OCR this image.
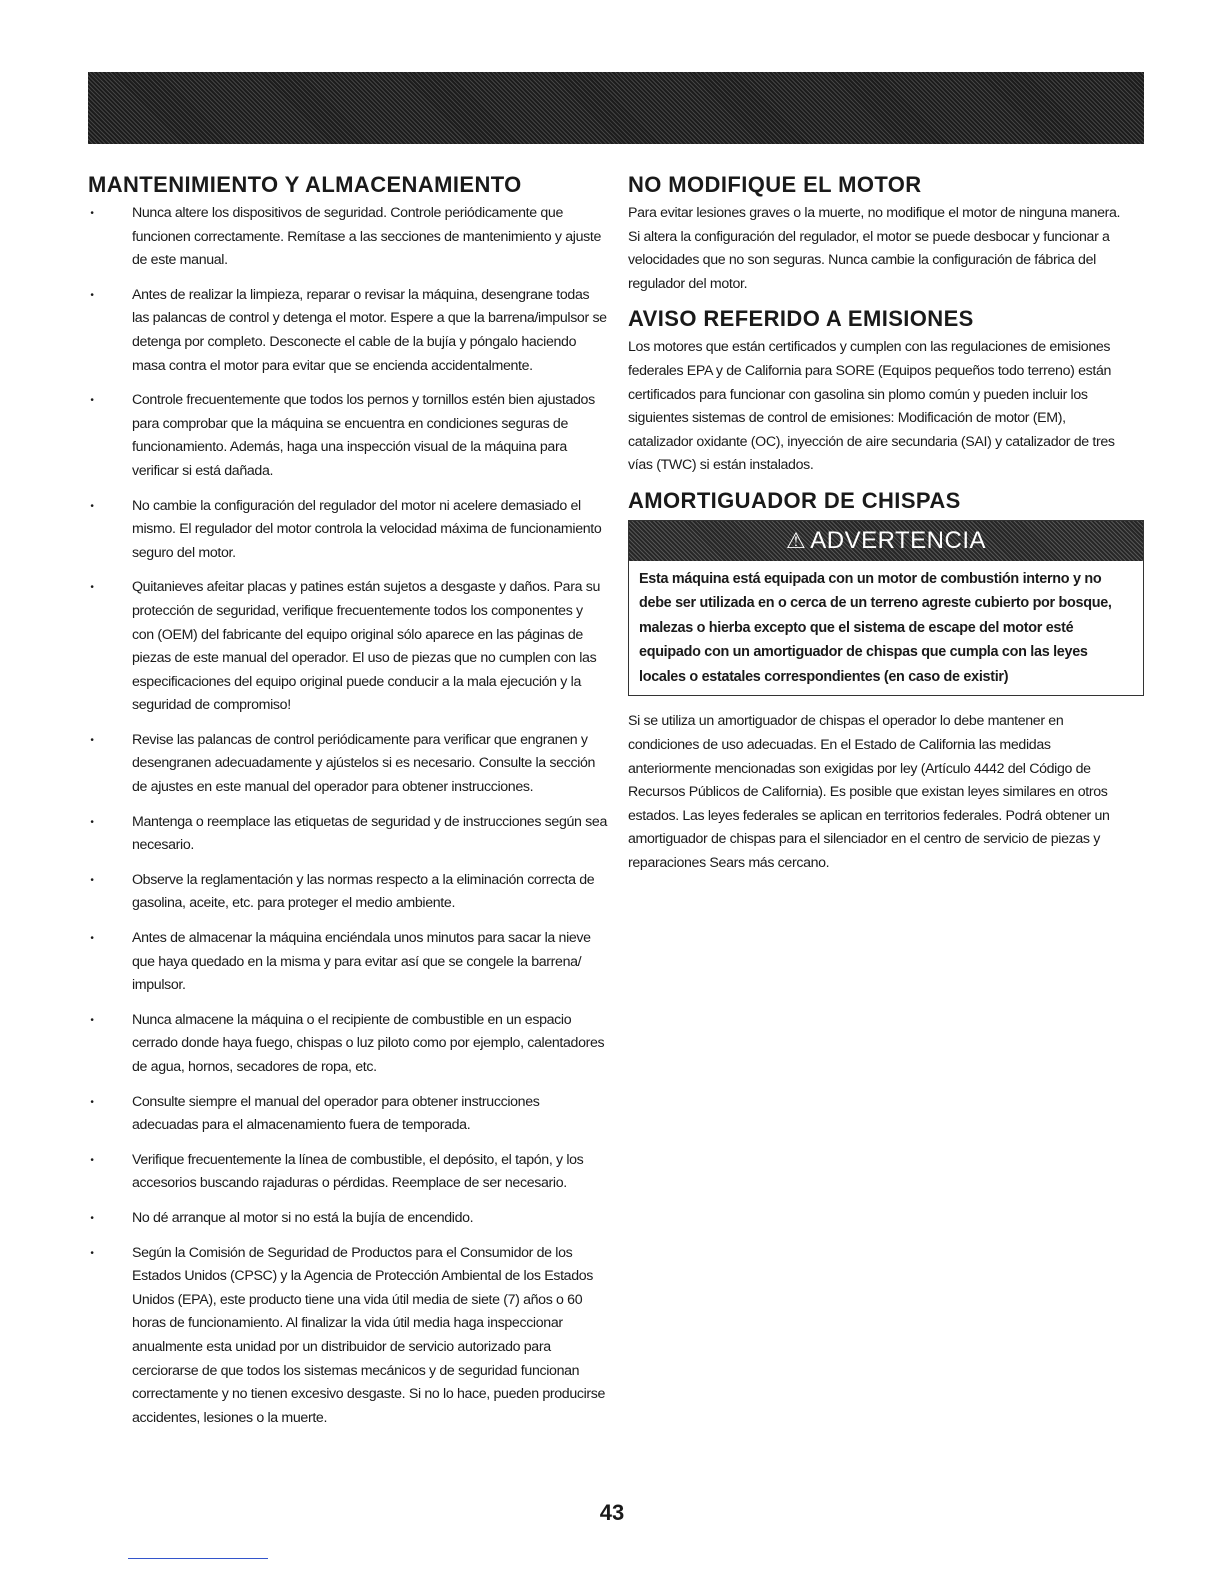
MANTENIMIENTO Y ALMACENAMIENTO
•	Nunca altere los dispositivos de seguridad. Controle periódicamente que funcionen correctamente. Remítase a las secciones de mantenimiento y ajuste de este manual.
•	Antes de realizar la limpieza, reparar o revisar la máquina, desengrane todas las palancas de control y detenga el motor. Espere a que la barrena/impulsor se detenga por completo. Desconecte el cable de la bujía y póngalo haciendo masa contra el motor para evitar que se encienda accidentalmente.
•	Controle frecuentemente que todos los pernos y tornillos estén bien ajustados para comprobar que la máquina se encuentra en condiciones seguras de funcionamiento. Además, haga una inspección visual de la máquina para verificar si está dañada.
•	No cambie la configuración del regulador del motor ni acelere demasiado el mismo. El regulador del motor controla la velocidad máxima de funcionamiento seguro del motor.
•	Quitanieves afeitar placas y patines están sujetos a desgaste y daños. Para su protección de seguridad, verifique frecuentemente todos los componentes y con (OEM) del fabricante del equipo original sólo aparece en las páginas de piezas de este manual del operador. El uso de piezas que no cumplen con las especificaciones del equipo original puede conducir a la mala ejecución y la seguridad de compromiso!
•	Revise las palancas de control periódicamente para verificar que engranen y desengranen adecuadamente y ajústelos si es necesario. Consulte la sección de ajustes en este manual del operador para obtener instrucciones.
•	Mantenga o reemplace las etiquetas de seguridad y de instrucciones según sea necesario.
•	Observe la reglamentación y las normas respecto a la eliminación correcta de gasolina, aceite, etc. para proteger el medio ambiente.
•	Antes de almacenar la máquina enciéndala unos minutos para sacar la nieve que haya quedado en la misma y para evitar así que se congele la barrena/ impulsor.
•	Nunca almacene la máquina o el recipiente de combustible en un espacio cerrado donde haya fuego, chispas o luz piloto como por ejemplo, calentadores de agua, hornos, secadores de ropa, etc.
•	Consulte siempre el manual del operador para obtener instrucciones adecuadas para el almacenamiento fuera de temporada.
•	Verifique frecuentemente la línea de combustible, el depósito, el tapón, y los accesorios buscando rajaduras o pérdidas. Reemplace de ser necesario.
•	No dé arranque al motor si no está la bujía de encendido.
•	Según la Comisión de Seguridad de Productos para el Consumidor de los Estados Unidos (CPSC) y la Agencia de Protección Ambiental de los Estados Unidos (EPA), este producto tiene una vida útil media de siete (7) años o 60 horas de funcionamiento. Al finalizar la vida útil media haga inspeccionar anualmente esta unidad por un distribuidor de servicio autorizado para cerciorarse de que todos los sistemas mecánicos y de seguridad funcionan correctamente y no tienen excesivo desgaste. Si no lo hace, pueden producirse accidentes, lesiones o la muerte.
NO MODIFIQUE EL MOTOR

Para evitar lesiones graves o la muerte, no modifique el motor de ninguna manera. Si altera la configuración del regulador, el motor se puede desbocar y funcionar a velocidades que no son seguras. Nunca cambie la configuración de fábrica del regulador del motor.

AVISO REFERIDO A EMISIONES

Los motores que están certificados y cumplen con las regulaciones de emisiones federales EPA y de California para SORE (Equipos pequeños todo terreno) están certificados para funcionar con gasolina sin plomo común y pueden incluir los siguientes sistemas de control de emisiones: Modificación de motor (EM), catalizador oxidante (OC), inyección de aire secundaria (SAI) y catalizador de tres vías (TWC) si están instalados.

AMORTIGUADOR DE CHISPAS
⚠ ADVERTENCIA
Esta máquina está equipada con un motor de combustión interno y no debe ser utilizada en o cerca de un terreno agreste cubierto por bosque, malezas o hierba excepto que el sistema de escape del motor esté equipado con un amortiguador de chispas que cumpla con las leyes locales o estatales correspondientes (en caso de existir)

Si se utiliza un amortiguador de chispas el operador lo debe mantener en condiciones de uso adecuadas. En el Estado de California las medidas anteriormente mencionadas son exigidas por ley (Artículo 4442 del Código de Recursos Públicos de California). Es posible que existan leyes similares en otros estados. Las leyes federales se aplican en territorios federales. Podrá obtener un amortiguador de chispas para el silenciador en el centro de servicio de piezas y reparaciones Sears más cercano.

43
